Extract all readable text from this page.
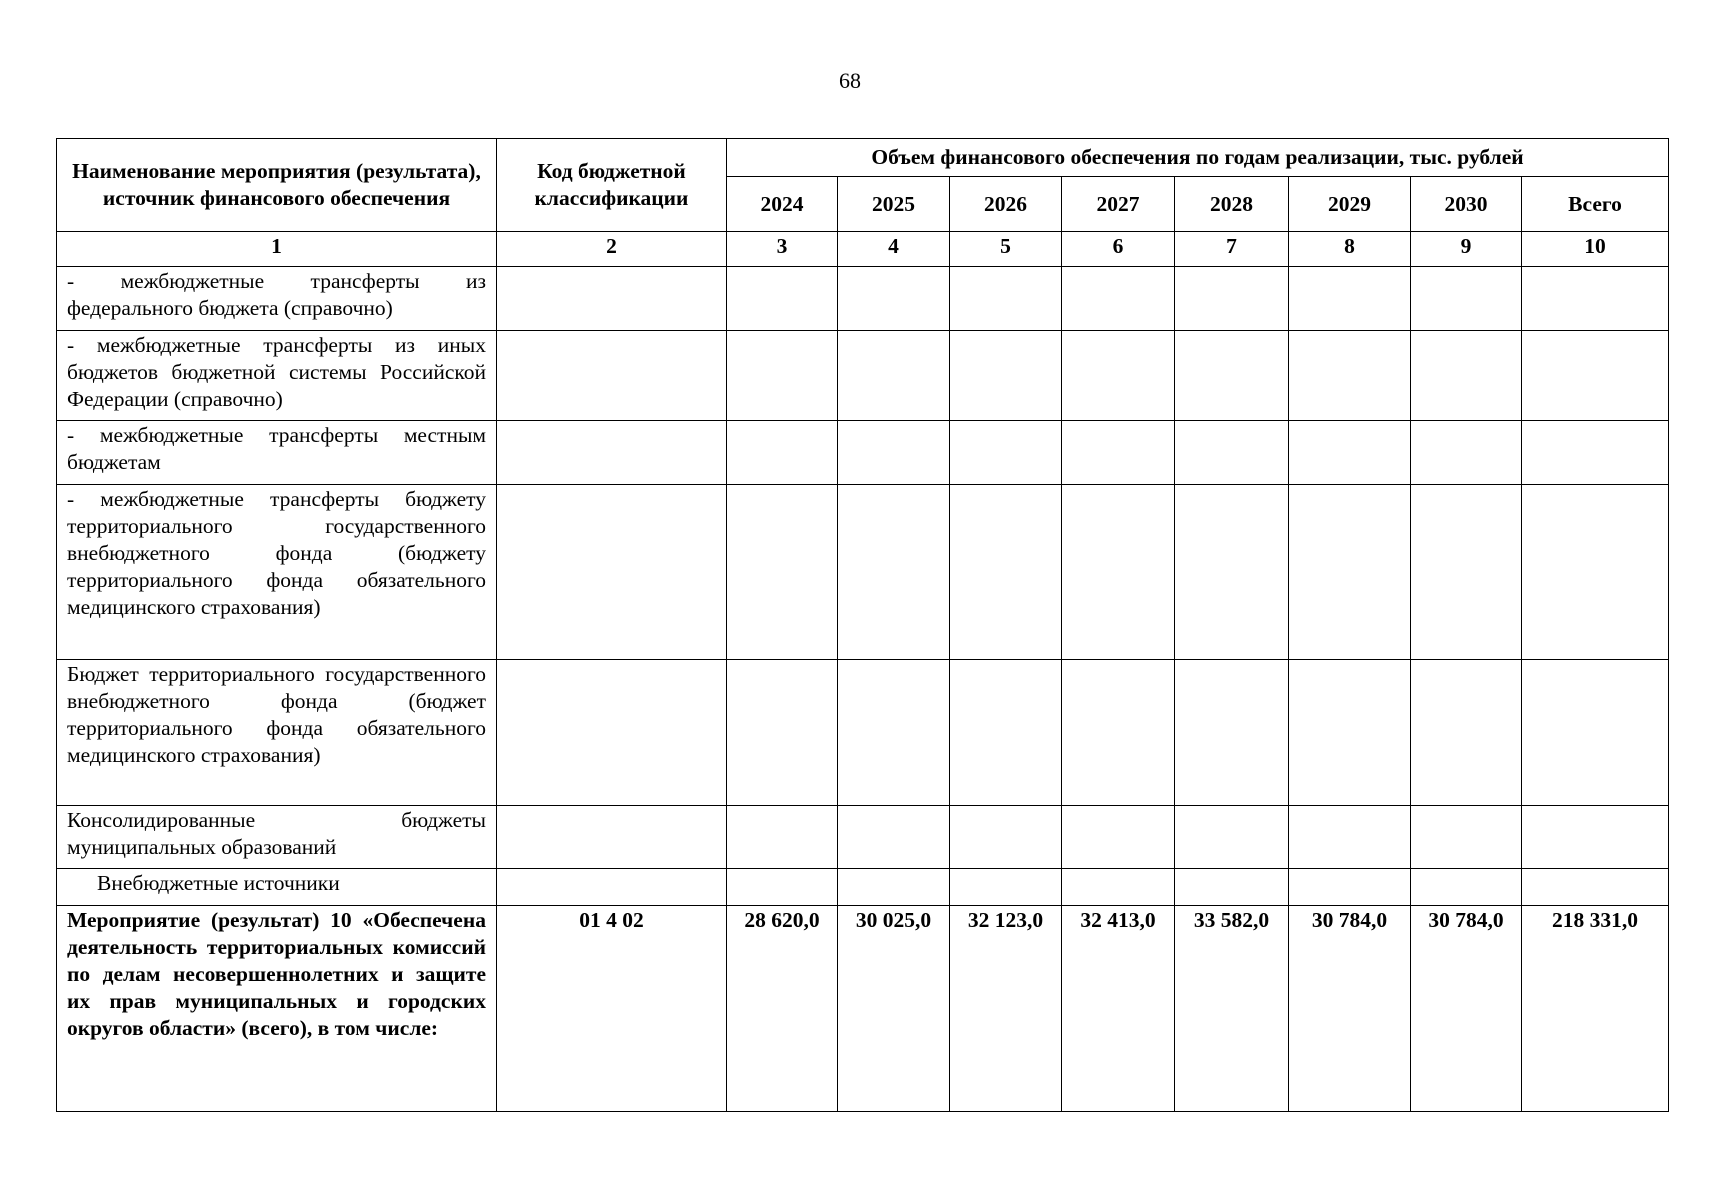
68
Наименование мероприятия (результата), источник финансового обеспечения	Код бюджетной классификации	Объем финансового обеспечения по годам реализации, тыс. рублей							
		2024	2025	2026	2027	2028	2029	2030	Всего
1	2	3	4	5	6	7	8	9	10
- межбюджетные трансферты из федерального бюджета (справочно)									
- межбюджетные трансферты из иных бюджетов бюджетной системы Российской Федерации (справочно)									
- межбюджетные трансферты местным бюджетам									
- межбюджетные трансферты бюджету территориального государственного внебюджетного фонда (бюджету территориального фонда обязательного медицинского страхования)									
Бюджет территориального государственного внебюджетного фонда (бюджет территориального фонда обязательного медицинского страхования)									
Консолидированные бюджеты муниципальных образований									
Внебюджетные источники									
Мероприятие (результат) 10 «Обеспечена деятельность территориальных комиссий по делам несовершеннолетних и защите их прав муниципальных и городских округов области» (всего), в том числе:	01 4 02	28 620,0	30 025,0	32 123,0	32 413,0	33 582,0	30 784,0	30 784,0	218 331,0
